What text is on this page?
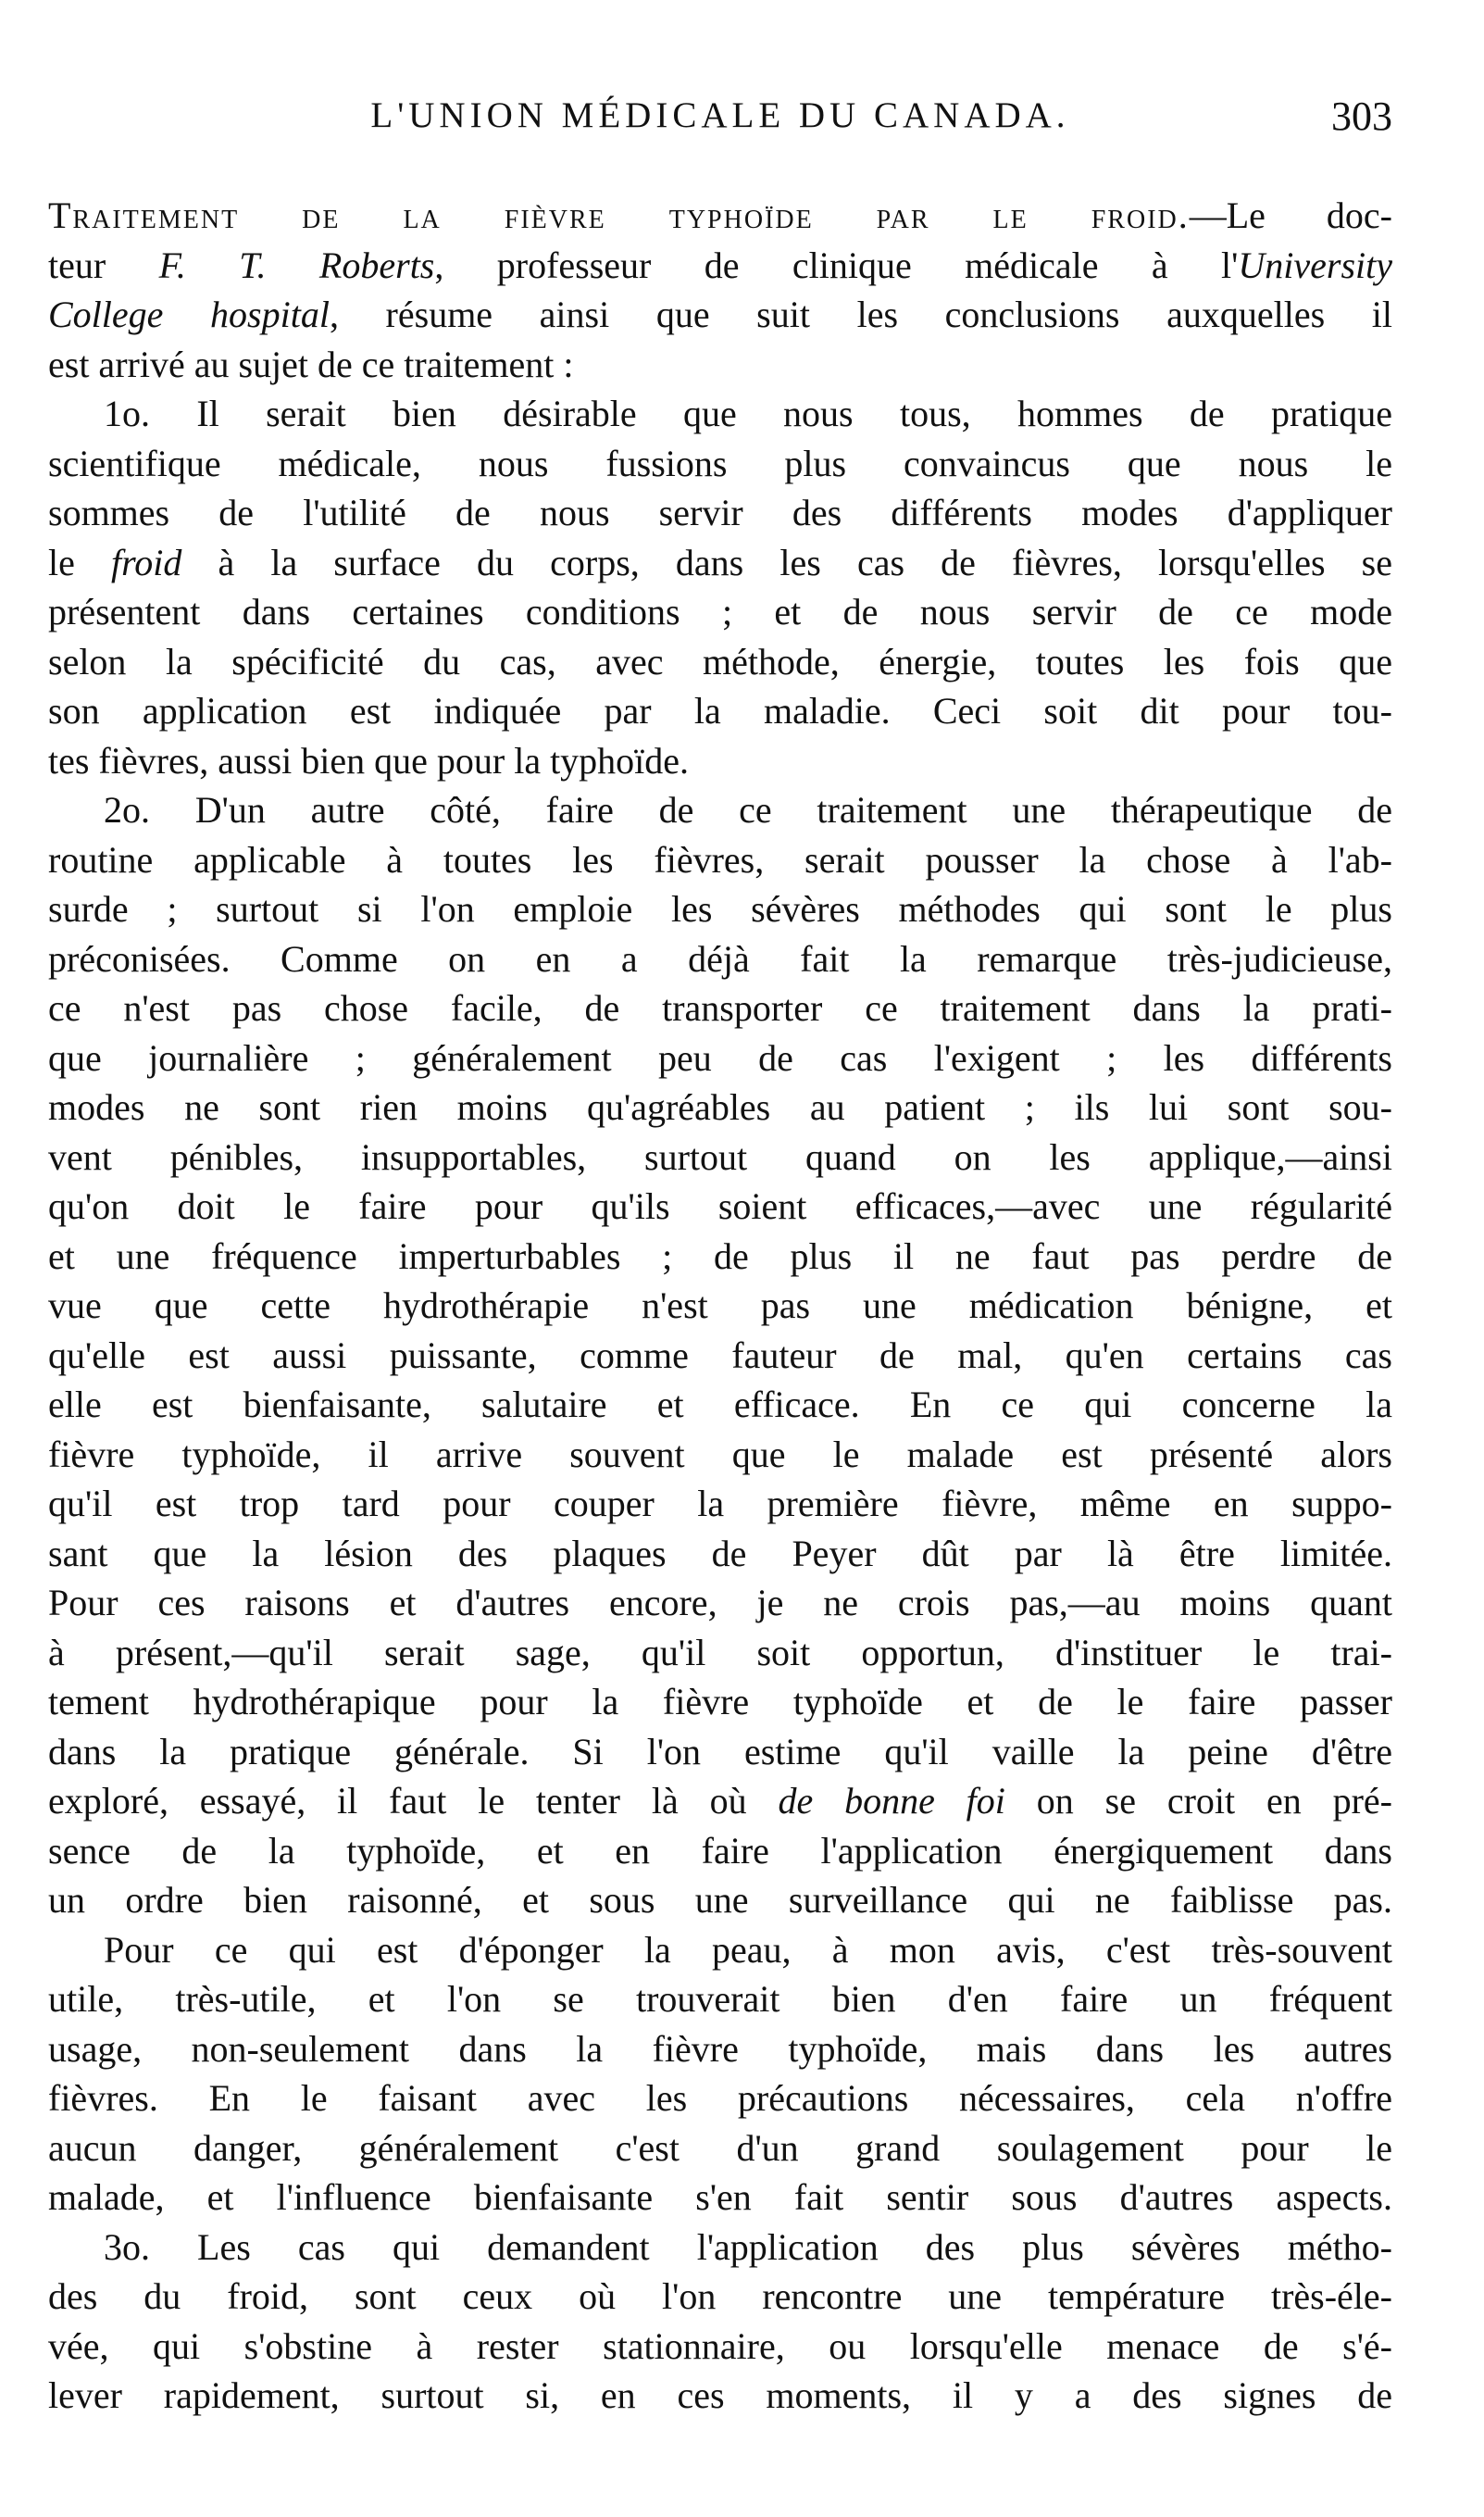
L'UNION MÉDICALE DU CANADA.	303
Traitement de la fièvre typhoïde par le froid.—Le doc-
teur F. T. Roberts, professeur de clinique médicale à l'University
College hospital, résume ainsi que suit les conclusions auxquelles il
est arrivé au sujet de ce traitement :
1o. Il serait bien désirable que nous tous, hommes de pratique
scientifique médicale, nous fussions plus convaincus que nous le
sommes de l'utilité de nous servir des différents modes d'appliquer
le froid à la surface du corps, dans les cas de fièvres, lorsqu'elles se
présentent dans certaines conditions ; et de nous servir de ce mode
selon la spécificité du cas, avec méthode, énergie, toutes les fois que
son application est indiquée par la maladie. Ceci soit dit pour tou-
tes fièvres, aussi bien que pour la typhoïde.
2o. D'un autre côté, faire de ce traitement une thérapeutique de
routine applicable à toutes les fièvres, serait pousser la chose à l'ab-
surde ; surtout si l'on emploie les sévères méthodes qui sont le plus
préconisées. Comme on en a déjà fait la remarque très-judicieuse,
ce n'est pas chose facile, de transporter ce traitement dans la prati-
que journalière ; généralement peu de cas l'exigent ; les différents
modes ne sont rien moins qu'agréables au patient ; ils lui sont sou-
vent pénibles, insupportables, surtout quand on les applique,—ainsi
qu'on doit le faire pour qu'ils soient efficaces,—avec une régularité
et une fréquence imperturbables ; de plus il ne faut pas perdre de
vue que cette hydrothérapie n'est pas une médication bénigne, et
qu'elle est aussi puissante, comme fauteur de mal, qu'en certains cas
elle est bienfaisante, salutaire et efficace. En ce qui concerne la
fièvre typhoïde, il arrive souvent que le malade est présenté alors
qu'il est trop tard pour couper la première fièvre, même en suppo-
sant que la lésion des plaques de Peyer dût par là être limitée.
Pour ces raisons et d'autres encore, je ne crois pas,—au moins quant
à présent,—qu'il serait sage, qu'il soit opportun, d'instituer le trai-
tement hydrothérapique pour la fièvre typhoïde et de le faire passer
dans la pratique générale. Si l'on estime qu'il vaille la peine d'être
exploré, essayé, il faut le tenter là où de bonne foi on se croit en pré-
sence de la typhoïde, et en faire l'application énergiquement dans
un ordre bien raisonné, et sous une surveillance qui ne faiblisse pas.
Pour ce qui est d'éponger la peau, à mon avis, c'est très-souvent
utile, très-utile, et l'on se trouverait bien d'en faire un fréquent
usage, non-seulement dans la fièvre typhoïde, mais dans les autres
fièvres. En le faisant avec les précautions nécessaires, cela n'offre
aucun danger, généralement c'est d'un grand soulagement pour le
malade, et l'influence bienfaisante s'en fait sentir sous d'autres aspects.
3o. Les cas qui demandent l'application des plus sévères métho-
des du froid, sont ceux où l'on rencontre une température très-éle-
vée, qui s'obstine à rester stationnaire, ou lorsqu'elle menace de s'é-
lever rapidement, surtout si, en ces moments, il y a des signes de
